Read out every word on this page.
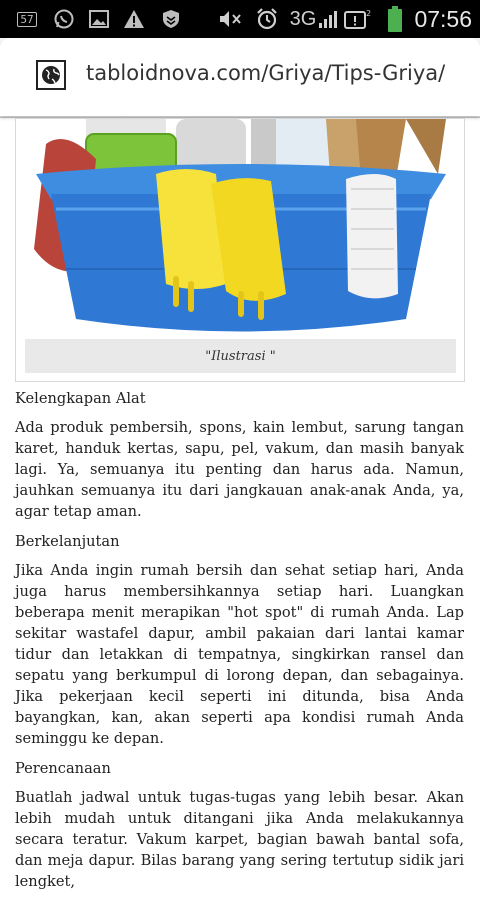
57	3G	2 07:56
tabloidnova.com/Griya/Tips-Griya/
"Ilustrasi "
Kelengkapan Alat

Ada produk pembersih, spons, kain lembut, sarung tangan karet, handuk kertas, sapu, pel, vakum, dan masih banyak lagi. Ya, semuanya itu penting dan harus ada. Namun, jauhkan semuanya itu dari jangkauan anak-anak Anda, ya, agar tetap aman.

Berkelanjutan

Jika Anda ingin rumah bersih dan sehat setiap hari, Anda juga harus membersihkannya setiap hari. Luangkan beberapa menit merapikan "hot spot" di rumah Anda. Lap sekitar wastafel dapur, ambil pakaian dari lantai kamar tidur dan letakkan di tempatnya, singkirkan ransel dan sepatu yang berkumpul di lorong depan, dan sebagainya. Jika pekerjaan kecil seperti ini ditunda, bisa Anda bayangkan, kan, akan seperti apa kondisi rumah Anda seminggu ke depan.

Perencanaan

Buatlah jadwal untuk tugas-tugas yang lebih besar. Akan lebih mudah untuk ditangani jika Anda melakukannya secara teratur. Vakum karpet, bagian bawah bantal sofa, dan meja dapur. Bilas barang yang sering tertutup sidik jari lengket,
